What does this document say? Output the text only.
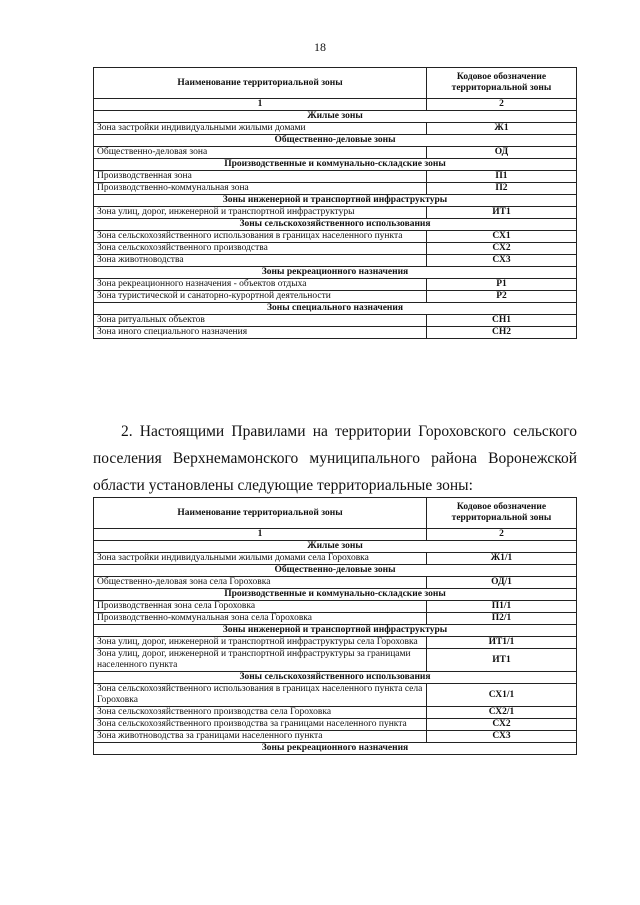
18
Наименование территориальной зоны	Кодовое обозначение территориальной зоны
1	2
Жилые зоны	
Зона застройки индивидуальными жилыми домами	Ж1
Общественно-деловые зоны	
Общественно-деловая зона	ОД
Производственные и коммунально-складские зоны	
Производственная зона	П1
Производственно-коммунальная зона	П2
Зоны инженерной и транспортной инфраструктуры	
Зона улиц, дорог, инженерной и транспортной инфраструктуры	ИТ1
Зоны сельскохозяйственного использования	
Зона сельскохозяйственного использования в границах населенного пункта	СХ1
Зона сельскохозяйственного производства	СХ2
Зона животноводства	СХ3
Зоны рекреационного назначения	
Зона рекреационного назначения - объектов отдыха	Р1
Зона туристической и санаторно-курортной деятельности	Р2
Зоны специального назначения	
Зона ритуальных объектов	СН1
Зона иного специального назначения	СН2

2. Настоящими Правилами на территории Гороховского сельского поселения Верхнемамонского муниципального района Воронежской области установлены следующие территориальные зоны:

Наименование территориальной зоны	Кодовое обозначение территориальной зоны
1	2
Жилые зоны	
Зона застройки индивидуальными жилыми домами села Гороховка	Ж1/1
Общественно-деловые зоны	
Общественно-деловая зона села Гороховка	ОД/1
Производственные и коммунально-складские зоны	
Производственная зона села Гороховка	П1/1
Производственно-коммунальная зона села Гороховка	П2/1
Зоны инженерной и транспортной инфраструктуры	
Зона улиц, дорог, инженерной и транспортной инфраструктуры села Гороховка	ИТ1/1
Зона улиц, дорог, инженерной и транспортной инфраструктуры за границами населенного пункта	ИТ1
Зоны сельскохозяйственного использования	
Зона сельскохозяйственного использования в границах населенного пункта села Гороховка	СХ1/1
Зона сельскохозяйственного производства села Гороховка	СХ2/1
Зона сельскохозяйственного производства за границами населенного пункта	СХ2
Зона животноводства за границами населенного пункта	СХ3
Зоны рекреационного назначения	
